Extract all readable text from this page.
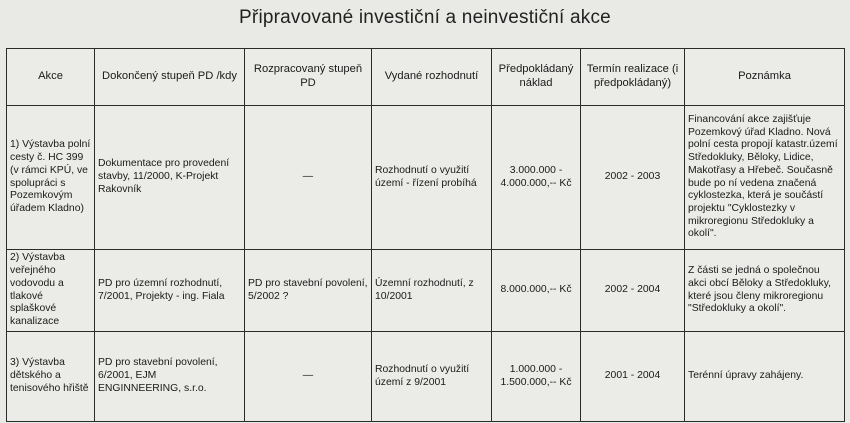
Připravované investiční a neinvestiční akce
Akce	Dokončený stupeň PD /kdy	Rozpracovaný stupeň PD	Vydané rozhodnutí	Předpokládaný náklad	Termín realizace (i předpokládaný)	Poznámka
1) Výstavba polní cesty č. HC 399 (v rámci KPÚ, ve spolupráci s Pozemkovým úřadem Kladno)	Dokumentace pro provedení stavby, 11/2000, K-Projekt Rakovník	—	Rozhodnutí o využití území - řízení probíhá	3.000.000 - 4.000.000,-- Kč	2002 - 2003	Financování akce zajišťuje Pozemkový úřad Kladno. Nová polní cesta propojí katastr.území Středokluky, Běloky, Lidice, Makotřasy a Hřebeč. Současně bude po ní vedena značená cyklostezka, která je součástí projektu "Cyklostezky v mikroregionu Středokluky a okolí".
2) Výstavba veřejného vodovodu a tlakové splaškové kanalizace	PD pro územní rozhodnutí, 7/2001, Projekty - ing. Fiala	PD pro stavební povolení, 5/2002 ?	Územní rozhodnutí, z 10/2001	8.000.000,-- Kč	2002 - 2004	Z části se jedná o společnou akci obcí Běloky a Středokluky, které jsou členy mikroregionu "Středokluky a okolí".
3) Výstavba dětského a tenisového hřiště	PD pro stavební povolení, 6/2001, EJM ENGINNEERING, s.r.o.	—	Rozhodnutí o využití území z 9/2001	1.000.000 - 1.500.000,-- Kč	2001 - 2004	Terénní úpravy zahájeny.
